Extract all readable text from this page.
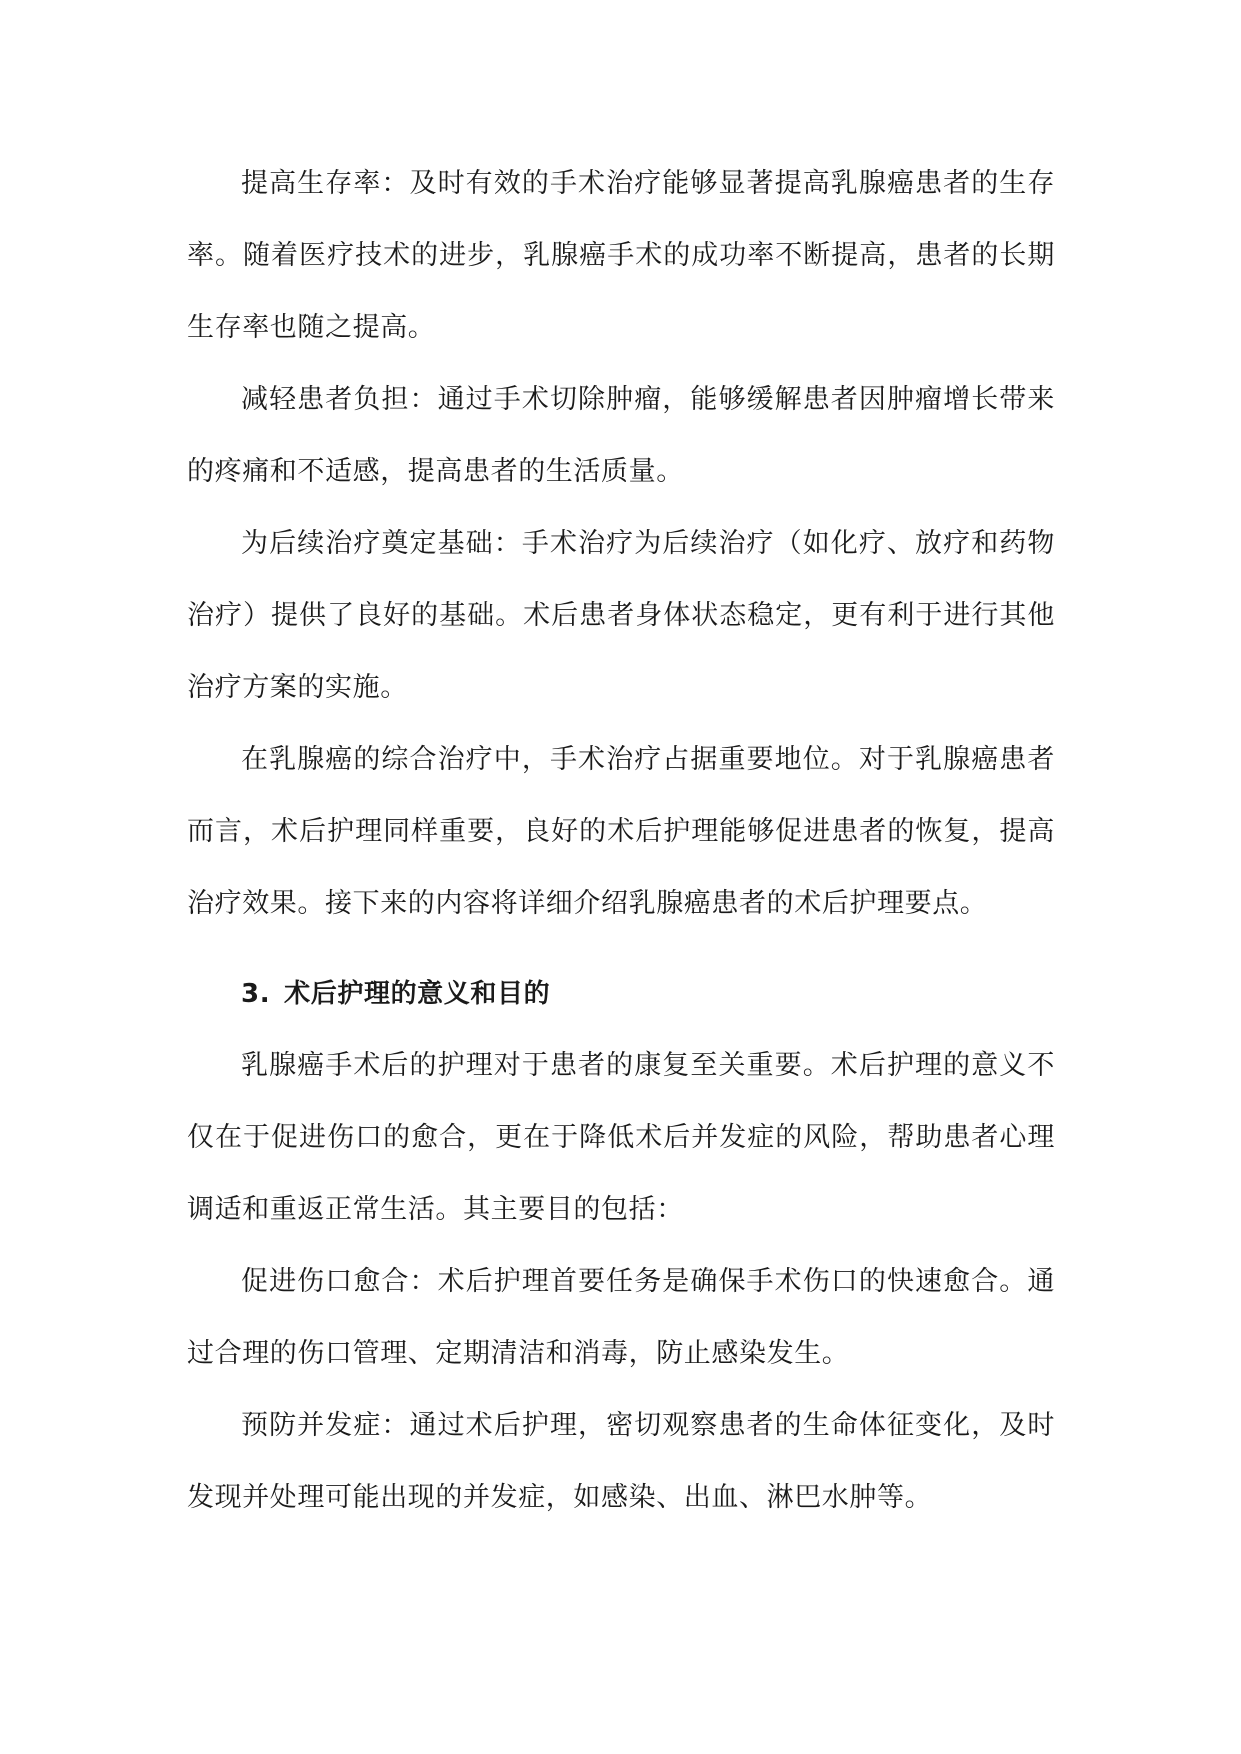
提高生存率：及时有效的手术治疗能够显著提高乳腺癌患者的生存率。随着医疗技术的进步，乳腺癌手术的成功率不断提高，患者的长期生存率也随之提高。

减轻患者负担：通过手术切除肿瘤，能够缓解患者因肿瘤增长带来的疼痛和不适感，提高患者的生活质量。

为后续治疗奠定基础：手术治疗为后续治疗（如化疗、放疗和药物治疗）提供了良好的基础。术后患者身体状态稳定，更有利于进行其他治疗方案的实施。

在乳腺癌的综合治疗中，手术治疗占据重要地位。对于乳腺癌患者而言，术后护理同样重要，良好的术后护理能够促进患者的恢复，提高治疗效果。接下来的内容将详细介绍乳腺癌患者的术后护理要点。

3. 术后护理的意义和目的

乳腺癌手术后的护理对于患者的康复至关重要。术后护理的意义不仅在于促进伤口的愈合，更在于降低术后并发症的风险，帮助患者心理调适和重返正常生活。其主要目的包括：

促进伤口愈合：术后护理首要任务是确保手术伤口的快速愈合。通过合理的伤口管理、定期清洁和消毒，防止感染发生。

预防并发症：通过术后护理，密切观察患者的生命体征变化，及时发现并处理可能出现的并发症，如感染、出血、淋巴水肿等。
